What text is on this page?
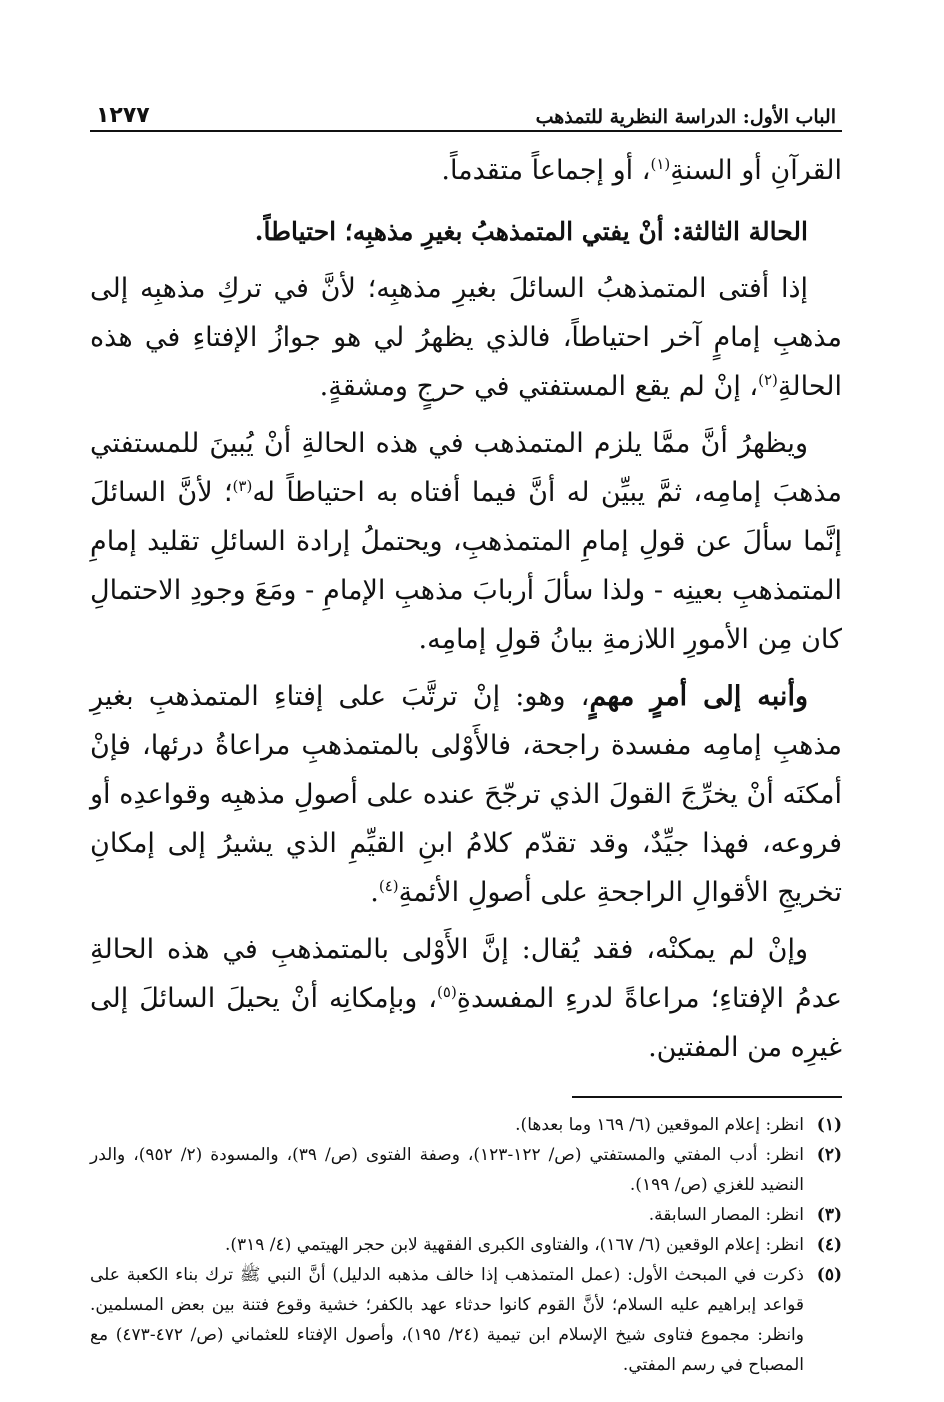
الباب الأول: الدراسة النظرية للتمذهب
١٢٧٧

القرآنِ أو السنةِ$^{(١)}$، أو إجماعاً متقدماً.

الحالة الثالثة: أنْ يفتي المتمذهبُ بغيرِ مذهبِه؛ احتياطاً.

إذا أفتى المتمذهبُ السائلَ بغيرِ مذهبِه؛ لأنَّ في تركِ مذهبِه إلى مذهبِ إمامٍ آخر احتياطاً، فالذي يظهرُ لي هو جوازُ الإفتاءِ في هذه الحالةِ$^{(٢)}$، إنْ لم يقع المستفتي في حرجٍ ومشقةٍ.

ويظهرُ أنَّ ممَّا يلزم المتمذهب في هذه الحالةِ أنْ يُبينَ للمستفتي مذهبَ إمامِه، ثمَّ يبيِّن له أنَّ فيما أفتاه به احتياطاً له$^{(٣)}$؛ لأنَّ السائلَ إنَّما سألَ عن قولِ إمامِ المتمذهبِ، ويحتملُ إرادة السائلِ تقليد إمامِ المتمذهبِ بعينِه - ولذا سألَ أربابَ مذهبِ الإمامِ - ومَعَ وجودِ الاحتمالِ كان مِن الأمورِ اللازمةِ بيانُ قولِ إمامِه.

وأنبه إلى أمرٍ مهمٍ، وهو: إنْ ترتَّبَ على إفتاءِ المتمذهبِ بغيرِ مذهبِ إمامِه مفسدة راجحة، فالأَوْلى بالمتمذهبِ مراعاةُ درئها، فإنْ أمكنَه أنْ يخرِّجَ القولَ الذي ترجّحَ عنده على أصولِ مذهبِه وقواعدِه أو فروعه، فهذا جيِّدٌ، وقد تقدّم كلامُ ابنِ القيِّمِ الذي يشيرُ إلى إمكانِ تخريجِ الأقوالِ الراجحةِ على أصولِ الأئمةِ$^{(٤)}$.

وإنْ لم يمكنْه، فقد يُقال: إنَّ الأَوْلى بالمتمذهبِ في هذه الحالةِ عدمُ الإفتاءِ؛ مراعاةً لدرءِ المفسدةِ$^{(٥)}$، وبإمكانِه أنْ يحيلَ السائلَ إلى غيرِه من المفتين.

(١)
انظر: إعلام الموقعين (٦/ ١٦٩ وما بعدها).
(٢)
انظر: أدب المفتي والمستفتي (ص/ ١٢٢-١٢٣)، وصفة الفتوى (ص/ ٣٩)، والمسودة (٢/ ٩٥٢)، والدر النضيد للغزي (ص/ ١٩٩).
(٣)
انظر: المصار السابقة.
(٤)
انظر: إعلام الوقعين (٦/ ١٦٧)، والفتاوى الكبرى الفقهية لابن حجر الهيتمي (٤/ ٣١٩).
(٥)
ذكرت في المبحث الأول: (عمل المتمذهب إذا خالف مذهبه الدليل) أنَّ النبي ﷺ ترك بناء الكعبة على قواعد إبراهيم عليه السلام؛ لأنَّ القوم كانوا حدثاء عهد بالكفر؛ خشية وقوع فتنة بين بعض المسلمين. وانظر: مجموع فتاوى شيخ الإسلام ابن تيمية (٢٤/ ١٩٥)، وأصول الإفتاء للعثماني (ص/ ٤٧٢-٤٧٣) مع المصباح في رسم المفتي.
